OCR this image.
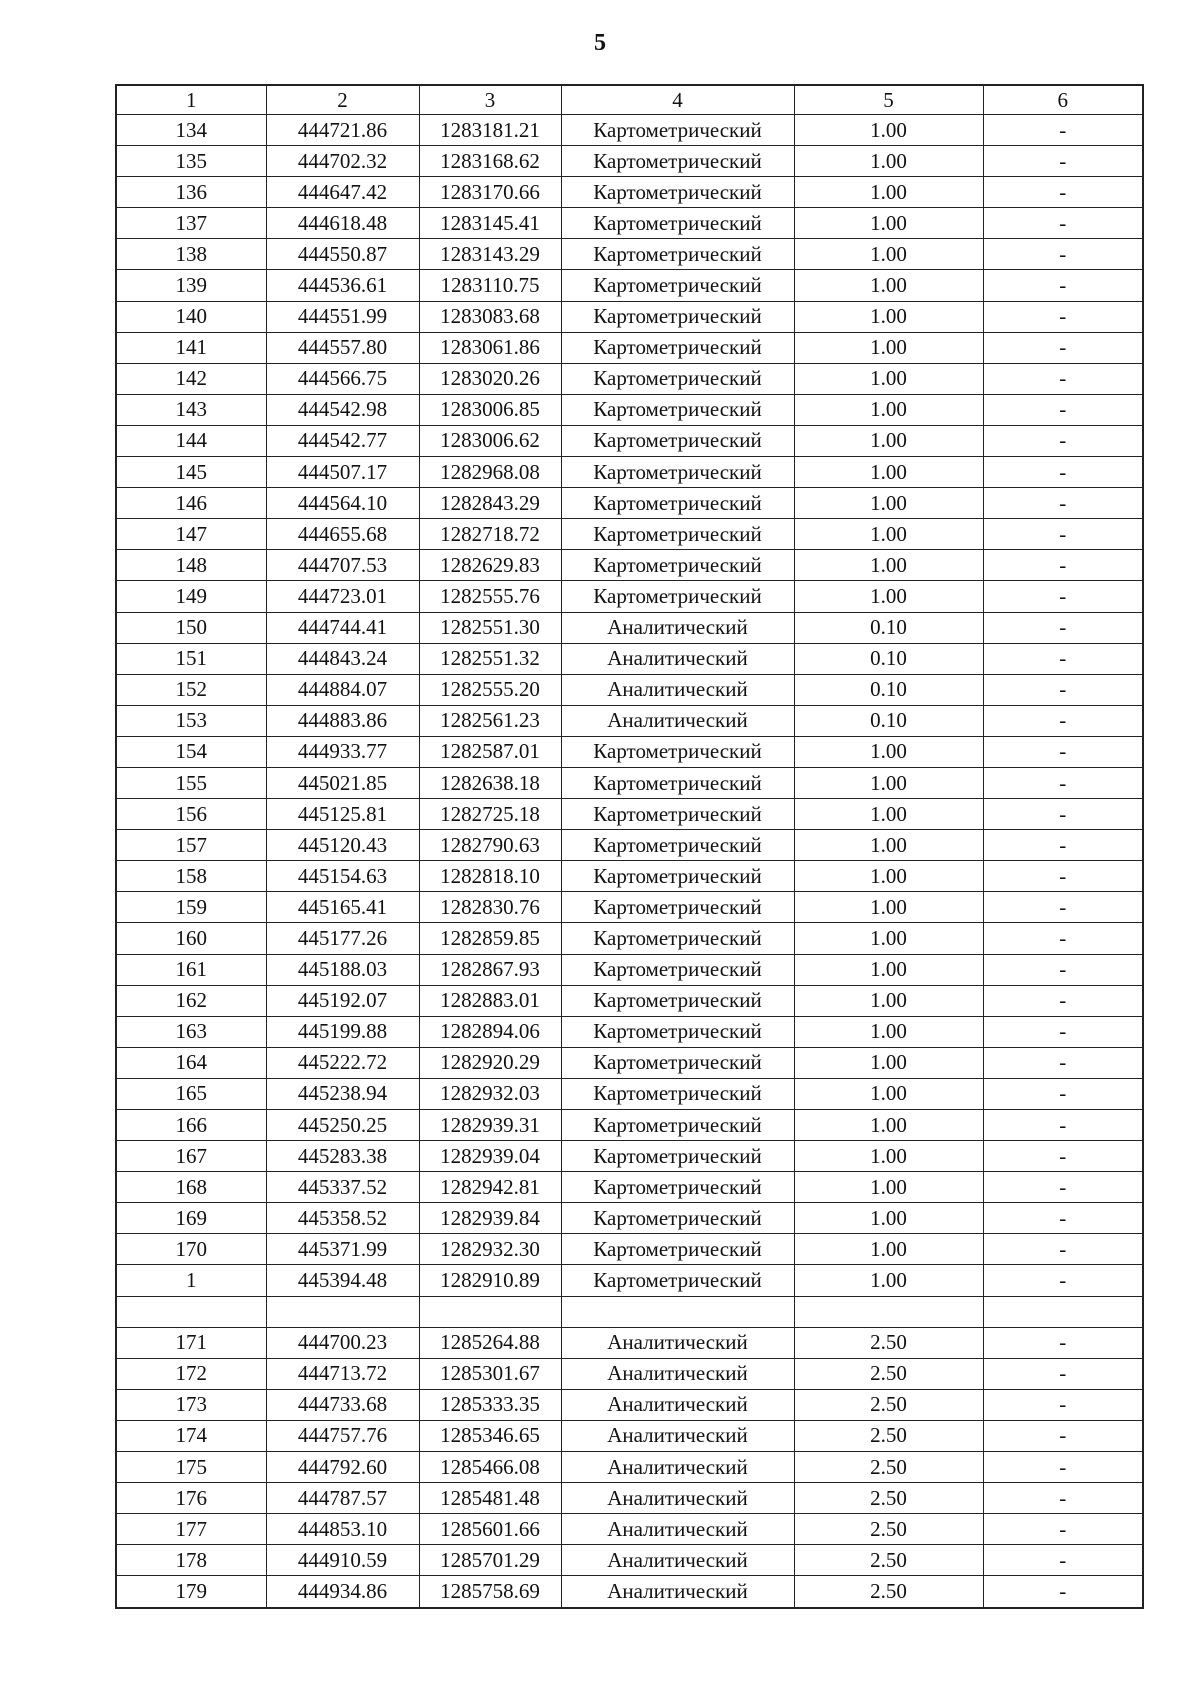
5
1	2	3	4	5	6
134	444721.86	1283181.21	Картометрический	1.00	-
135	444702.32	1283168.62	Картометрический	1.00	-
136	444647.42	1283170.66	Картометрический	1.00	-
137	444618.48	1283145.41	Картометрический	1.00	-
138	444550.87	1283143.29	Картометрический	1.00	-
139	444536.61	1283110.75	Картометрический	1.00	-
140	444551.99	1283083.68	Картометрический	1.00	-
141	444557.80	1283061.86	Картометрический	1.00	-
142	444566.75	1283020.26	Картометрический	1.00	-
143	444542.98	1283006.85	Картометрический	1.00	-
144	444542.77	1283006.62	Картометрический	1.00	-
145	444507.17	1282968.08	Картометрический	1.00	-
146	444564.10	1282843.29	Картометрический	1.00	-
147	444655.68	1282718.72	Картометрический	1.00	-
148	444707.53	1282629.83	Картометрический	1.00	-
149	444723.01	1282555.76	Картометрический	1.00	-
150	444744.41	1282551.30	Аналитический	0.10	-
151	444843.24	1282551.32	Аналитический	0.10	-
152	444884.07	1282555.20	Аналитический	0.10	-
153	444883.86	1282561.23	Аналитический	0.10	-
154	444933.77	1282587.01	Картометрический	1.00	-
155	445021.85	1282638.18	Картометрический	1.00	-
156	445125.81	1282725.18	Картометрический	1.00	-
157	445120.43	1282790.63	Картометрический	1.00	-
158	445154.63	1282818.10	Картометрический	1.00	-
159	445165.41	1282830.76	Картометрический	1.00	-
160	445177.26	1282859.85	Картометрический	1.00	-
161	445188.03	1282867.93	Картометрический	1.00	-
162	445192.07	1282883.01	Картометрический	1.00	-
163	445199.88	1282894.06	Картометрический	1.00	-
164	445222.72	1282920.29	Картометрический	1.00	-
165	445238.94	1282932.03	Картометрический	1.00	-
166	445250.25	1282939.31	Картометрический	1.00	-
167	445283.38	1282939.04	Картометрический	1.00	-
168	445337.52	1282942.81	Картометрический	1.00	-
169	445358.52	1282939.84	Картометрический	1.00	-
170	445371.99	1282932.30	Картометрический	1.00	-
1	445394.48	1282910.89	Картометрический	1.00	-

171	444700.23	1285264.88	Аналитический	2.50	-
172	444713.72	1285301.67	Аналитический	2.50	-
173	444733.68	1285333.35	Аналитический	2.50	-
174	444757.76	1285346.65	Аналитический	2.50	-
175	444792.60	1285466.08	Аналитический	2.50	-
176	444787.57	1285481.48	Аналитический	2.50	-
177	444853.10	1285601.66	Аналитический	2.50	-
178	444910.59	1285701.29	Аналитический	2.50	-
179	444934.86	1285758.69	Аналитический	2.50	-
